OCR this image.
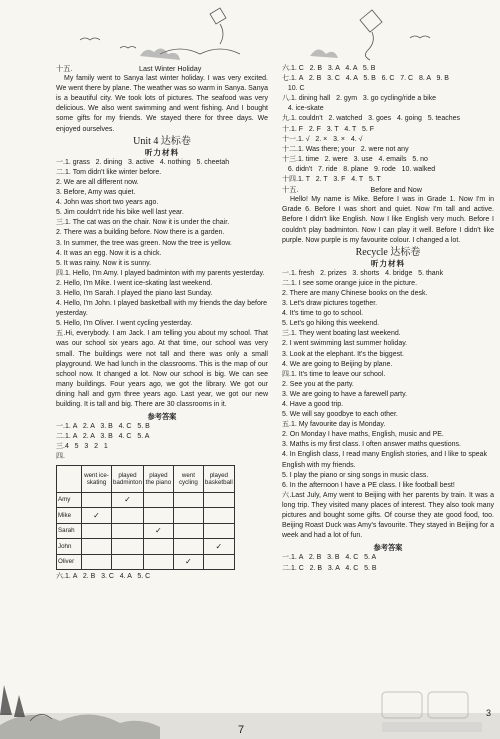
十五.	Last Winter Holiday
My family went to Sanya last winter holiday. I was very excited. We went there by plane. The weather was so warm in Sanya. Sanya is a beautiful city. We took lots of pictures. The seafood was very delicious. We also went swimming and went fishing. And I bought some gifts for my friends. We stayed there for three days. We enjoyed ourselves.
Unit 4 达标卷
听力材料
一.1. grass   2. dining   3. active   4. nothing   5. cheetah
二.1. Tom didn't like winter before.
2. We are all different now.
3. Before, Amy was quiet.
4. John was short two years ago.
5. Jim couldn't ride his bike well last year.
三.1. The cat was on the chair. Now it is under the chair.
2. There was a building before. Now there is a garden.
3. In summer, the tree was green. Now the tree is yellow.
4. It was an egg. Now it is a chick.
5. It was rainy. Now it is sunny.
四.1. Hello, I'm Amy. I played badminton with my parents yesterday.
2. Hello, I'm Mike. I went ice-skating last weekend.
3. Hello, I'm Sarah. I played the piano last Sunday.
4. Hello, I'm John. I played basketball with my friends the day before yesterday.
5. Hello, I'm Oliver. I went cycling yesterday.
五.Hi, everybody. I am Jack. I am telling you about my school. That was our school six years ago. At that time, our school was very small. The buildings were not tall and there was only a small playground. We had lunch in the classrooms. This is the map of our school now. It changed a lot. Now our school is big. We can see many buildings. Four years ago, we got the library. We got our dining hall and gym three years ago. Last year, we got our new building. It is tall and big. There are 30 classrooms in it.
参考答案
一.1. A   2. A   3. B   4. C   5. B
二.1. A   2. A   3. B   4. C   5. A
三.4   5   3   2   1
四.
	went ice-skating	played badminton	played the piano	went cycling	played basketball
Amy		✓			
Mike	✓				
Sarah			✓		
John					✓
Oliver				✓	
六.1. A   2. B   3. C   4. A   5. C
六.1. C   2. B   3. A   4. A   5. B
七.1. A   2. B   3. C   4. A   5. B   6. C   7. C   8. A   9. B
10. C
八.1. dining hall   2. gym   3. go cycling/ride a bike
4. ice-skate
九.1. couldn't   2. watched   3. goes   4. going   5. teaches
十.1. F   2. F   3. T   4. T   5. F
十一.1. √   2. ×   3. ×   4. √
十二.1. Was there; your   2. were not any
十三.1. time   2. were   3. use   4. emails   5. no
6. didn't   7. ride   8. plane   9. rode   10. walked
十四.1. T   2. T   3. F   4. T   5. T
十五.	Before and Now
Hello! My name is Mike. Before I was in Grade 1. Now I'm in Grade 6. Before I was short and quiet. Now I'm tall and active. Before I didn't like English. Now I like English very much. Before I couldn't play badminton. Now I can play it well. Before I didn't like purple. Now purple is my favourite colour. I changed a lot.
Recycle 达标卷
听力材料
一.1. fresh   2. prizes   3. shorts   4. bridge   5. thank
二.1. I see some orange juice in the picture.
2. There are many Chinese books on the desk.
3. Let's draw pictures together.
4. It's time to go to school.
5. Let's go hiking this weekend.
三.1. They went boating last weekend.
2. I went swimming last summer holiday.
3. Look at the elephant. It's the biggest.
4. We are going to Beijing by plane.
四.1. It's time to leave our school.
2. See you at the party.
3. We are going to have a farewell party.
4. Have a good trip.
5. We will say goodbye to each other.
五.1. My favourite day is Monday.
2. On Monday I have maths, English, music and PE.
3. Maths is my first class. I often answer maths questions.
4. In English class, I read many English stories, and I like to speak English with my friends.
5. I play the piano or sing songs in music class.
6. In the afternoon I have a PE class. I like football best!
六.Last July, Amy went to Beijing with her parents by train. It was a long trip. They visited many places of interest. They also took many pictures and bought some gifts. Of course they ate good food, too. Beijing Roast Duck was Amy's favourite. They stayed in Beijing for a week and had a lot of fun.
参考答案
一.1. A   2. B   3. B   4. C   5. A
二.1. C   2. B   3. A   4. C   5. B
7
3
